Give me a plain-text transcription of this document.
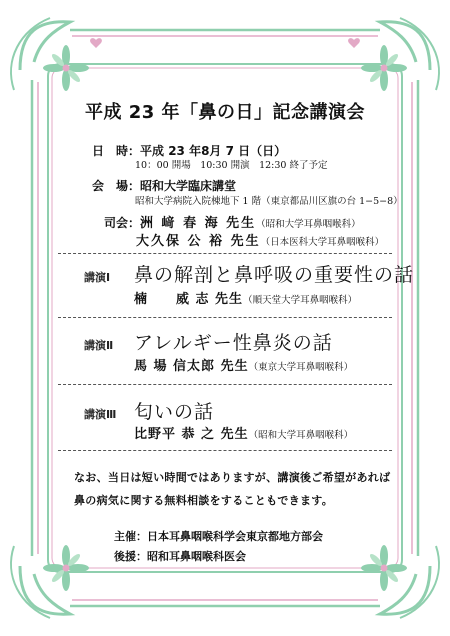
平成 23 年「鼻の日」記念講演会
日　時：平成 23 年8月 7 日（日）
10：00 開場　10:30 開演　12:30 終了予定
会　場：昭和大学臨床講堂
昭和大学病院入院棟地下 1 階（東京都品川区旗の台 1−5−8）
司会：洲 﨑 春 海 先生（昭和大学耳鼻咽喉科）
大久保 公 裕 先生（日本医科大学耳鼻咽喉科）
講演Ⅰ 鼻の解剖と鼻呼吸の重要性の話
楠　　威 志 先生（順天堂大学耳鼻咽喉科）
講演Ⅱ アレルギー性鼻炎の話
馬 場 信太郎 先生（東京大学耳鼻咽喉科）
講演Ⅲ 匂いの話
比野平 恭 之 先生（昭和大学耳鼻咽喉科）
なお、当日は短い時間ではありますが、講演後ご希望があれば
鼻の病気に関する無料相談をすることもできます。
主催：日本耳鼻咽喉科学会東京都地方部会
後援：昭和耳鼻咽喉科医会
